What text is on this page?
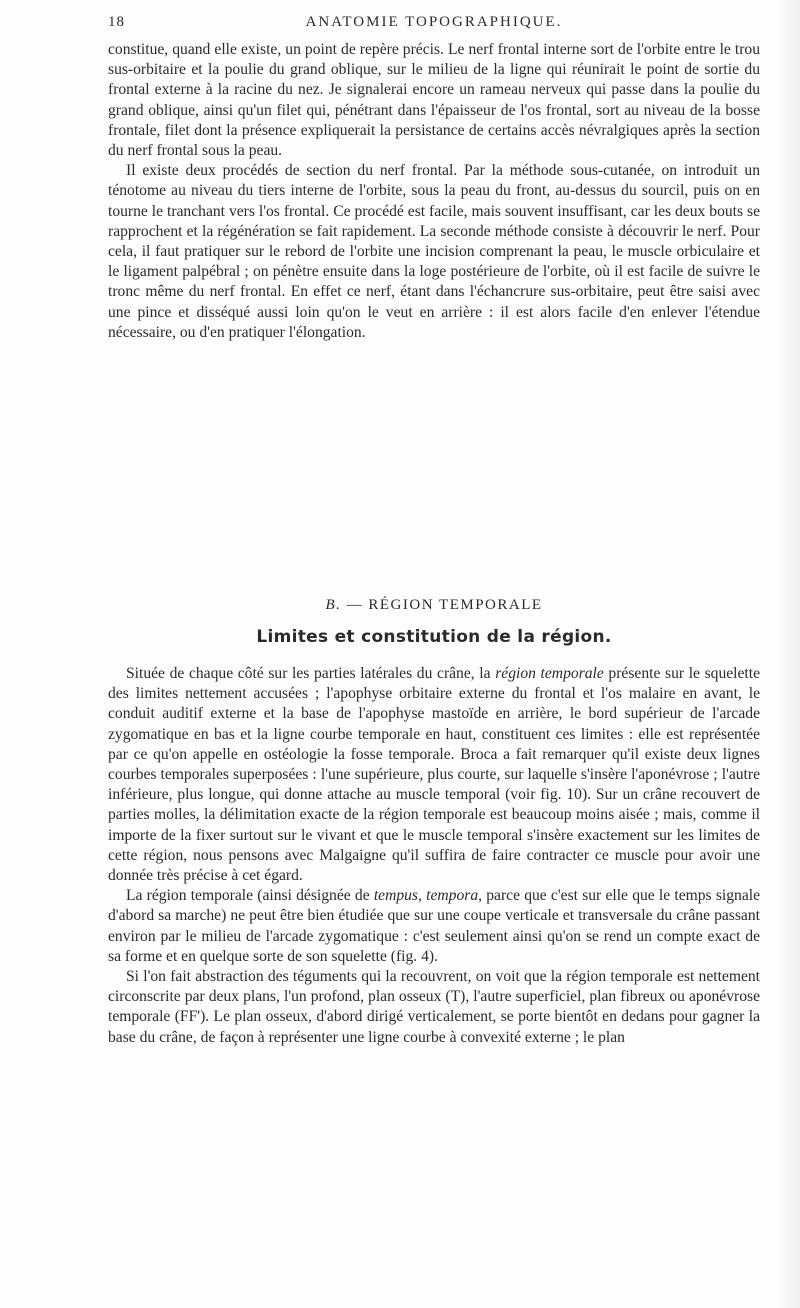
18	ANATOMIE TOPOGRAPHIQUE.

constitue, quand elle existe, un point de repère précis. Le nerf frontal interne sort de l'orbite entre le trou sus-orbitaire et la poulie du grand oblique, sur le milieu de la ligne qui réunirait le point de sortie du frontal externe à la racine du nez. Je signalerai encore un rameau nerveux qui passe dans la poulie du grand oblique, ainsi qu'un filet qui, pénétrant dans l'épaisseur de l'os frontal, sort au niveau de la bosse frontale, filet dont la présence expliquerait la persistance de certains accès névralgiques après la section du nerf frontal sous la peau.

Il existe deux procédés de section du nerf frontal. Par la méthode sous-cutanée, on introduit un ténotome au niveau du tiers interne de l'orbite, sous la peau du front, au-dessus du sourcil, puis on en tourne le tranchant vers l'os frontal. Ce procédé est facile, mais souvent insuffisant, car les deux bouts se rapprochent et la régénération se fait rapidement. La seconde méthode consiste à découvrir le nerf. Pour cela, il faut pratiquer sur le rebord de l'orbite une incision comprenant la peau, le muscle orbiculaire et le ligament palpébral ; on pénètre ensuite dans la loge postérieure de l'orbite, où il est facile de suivre le tronc même du nerf frontal. En effet ce nerf, étant dans l'échancrure sus-orbitaire, peut être saisi avec une pince et disséqué aussi loin qu'on le veut en arrière : il est alors facile d'en enlever l'étendue nécessaire, ou d'en pratiquer l'élongation.

B. — RÉGION TEMPORALE
Limites et constitution de la région.

Située de chaque côté sur les parties latérales du crâne, la région temporale présente sur le squelette des limites nettement accusées ; l'apophyse orbitaire externe du frontal et l'os malaire en avant, le conduit auditif externe et la base de l'apophyse mastoïde en arrière, le bord supérieur de l'arcade zygomatique en bas et la ligne courbe temporale en haut, constituent ces limites : elle est représentée par ce qu'on appelle en ostéologie la fosse temporale. Broca a fait remarquer qu'il existe deux lignes courbes temporales superposées : l'une supérieure, plus courte, sur laquelle s'insère l'aponévrose ; l'autre inférieure, plus longue, qui donne attache au muscle temporal (voir fig. 10). Sur un crâne recouvert de parties molles, la délimitation exacte de la région temporale est beaucoup moins aisée ; mais, comme il importe de la fixer surtout sur le vivant et que le muscle temporal s'insère exactement sur les limites de cette région, nous pensons avec Malgaigne qu'il suffira de faire contracter ce muscle pour avoir une donnée très précise à cet égard.

La région temporale (ainsi désignée de tempus, tempora, parce que c'est sur elle que le temps signale d'abord sa marche) ne peut être bien étudiée que sur une coupe verticale et transversale du crâne passant environ par le milieu de l'arcade zygomatique : c'est seulement ainsi qu'on se rend un compte exact de sa forme et en quelque sorte de son squelette (fig. 4).

Si l'on fait abstraction des téguments qui la recouvrent, on voit que la région temporale est nettement circonscrite par deux plans, l'un profond, plan osseux (T), l'autre superficiel, plan fibreux ou aponévrose temporale (FF'). Le plan osseux, d'abord dirigé verticalement, se porte bientôt en dedans pour gagner la base du crâne, de façon à représenter une ligne courbe à convexité externe ; le plan
